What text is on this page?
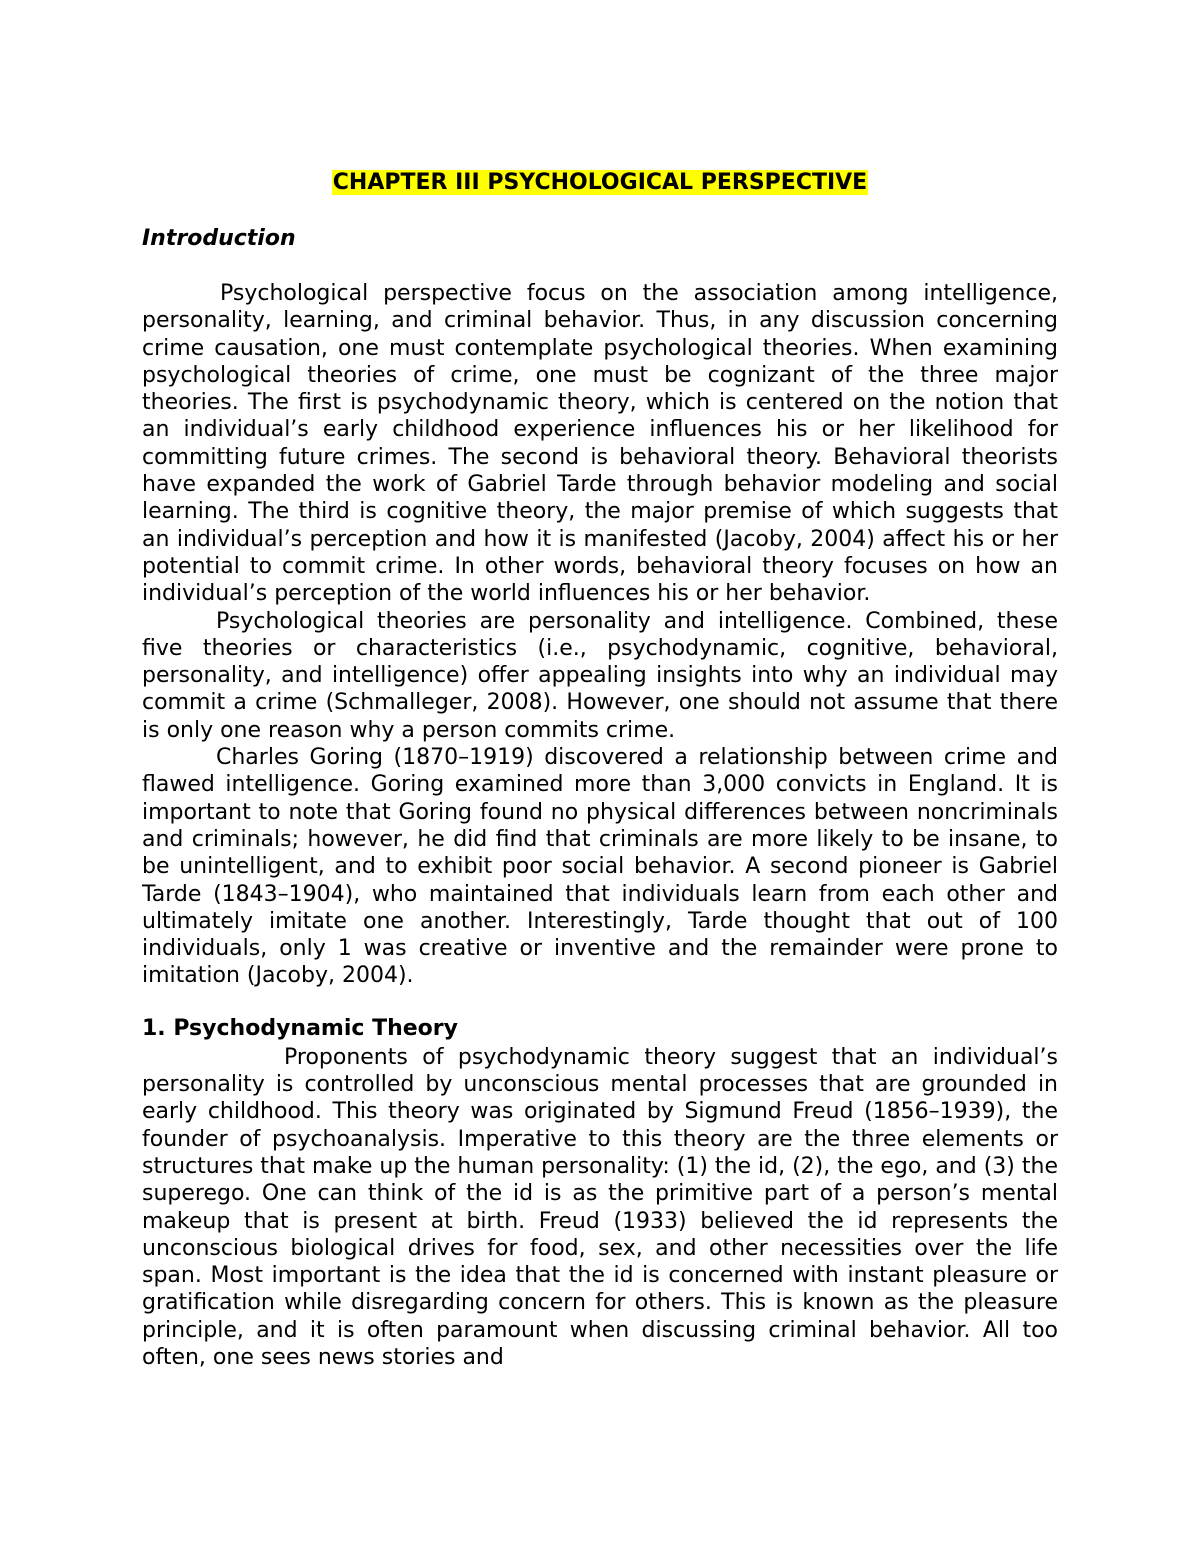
CHAPTER III PSYCHOLOGICAL PERSPECTIVE
Introduction

Psychological perspective focus on the association among intelligence, personality, learning, and criminal behavior. Thus, in any discussion concerning crime causation, one must contemplate psychological theories. When examining psychological theories of crime, one must be cognizant of the three major theories. The first is psychodynamic theory, which is centered on the notion that an individual’s early childhood experience influences his or her likelihood for committing future crimes. The second is behavioral theory. Behavioral theorists have expanded the work of Gabriel Tarde through behavior modeling and social learning. The third is cognitive theory, the major premise of which suggests that an individual’s perception and how it is manifested (Jacoby, 2004) affect his or her potential to commit crime. In other words, behavioral theory focuses on how an individual’s perception of the world influences his or her behavior.

Psychological theories are personality and intelligence. Combined, these five theories or characteristics (i.e., psychodynamic, cognitive, behavioral, personality, and intelligence) offer appealing insights into why an individual may commit a crime (Schmalleger, 2008). However, one should not assume that there is only one reason why a person commits crime.

Charles Goring (1870–1919) discovered a relationship between crime and flawed intelligence. Goring examined more than 3,000 convicts in England. It is important to note that Goring found no physical differences between noncriminals and criminals; however, he did find that criminals are more likely to be insane, to be unintelligent, and to exhibit poor social behavior. A second pioneer is Gabriel Tarde (1843–1904), who maintained that individuals learn from each other and ultimately imitate one another. Interestingly, Tarde thought that out of 100 individuals, only 1 was creative or inventive and the remainder were prone to imitation (Jacoby, 2004).

1. Psychodynamic Theory

Proponents of psychodynamic theory suggest that an individual’s personality is controlled by unconscious mental processes that are grounded in early childhood. This theory was originated by Sigmund Freud (1856–1939), the founder of psychoanalysis. Imperative to this theory are the three elements or structures that make up the human personality: (1) the id, (2), the ego, and (3) the superego. One can think of the id is as the primitive part of a person’s mental makeup that is present at birth. Freud (1933) believed the id represents the unconscious biological drives for food, sex, and other necessities over the life span. Most important is the idea that the id is concerned with instant pleasure or gratification while disregarding concern for others. This is known as the pleasure principle, and it is often paramount when discussing criminal behavior. All too often, one sees news stories and
